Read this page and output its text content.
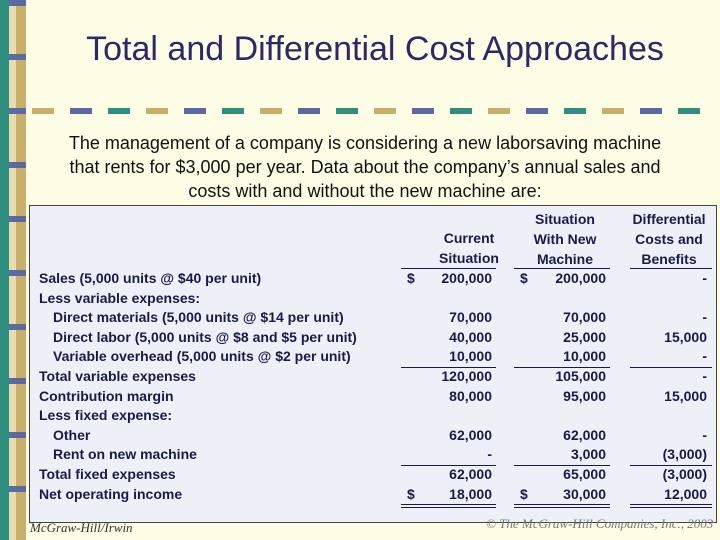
Total and Differential Cost Approaches
The management of a company is considering a new laborsaving machine that rents for $3,000 per year. Data about the company’s annual sales and costs with and without the new machine are:
Current
Situation
Situation
With New
Machine
Differential
Costs and
Benefits
Sales (5,000 units @ $40 per unit)	$	200,000 $	200,000	-
Less variable expenses:
Direct materials (5,000 units @ $14 per unit)	70,000	70,000	-
Direct labor (5,000 units @ $8 and $5 per unit)	40,000	25,000	15,000
Variable overhead (5,000 units @ $2 per unit)	10,000	10,000	-
Total variable expenses	120,000	105,000	-
Contribution margin	80,000	95,000	15,000
Less fixed expense:
Other	62,000	62,000	-
Rent on new machine	-	3,000	(3,000)
Total fixed expenses	62,000	65,000	(3,000)
Net operating income	$	18,000 $	30,000	12,000
McGraw-Hill/Irwin	© The McGraw-Hill Companies, Inc., 2003
